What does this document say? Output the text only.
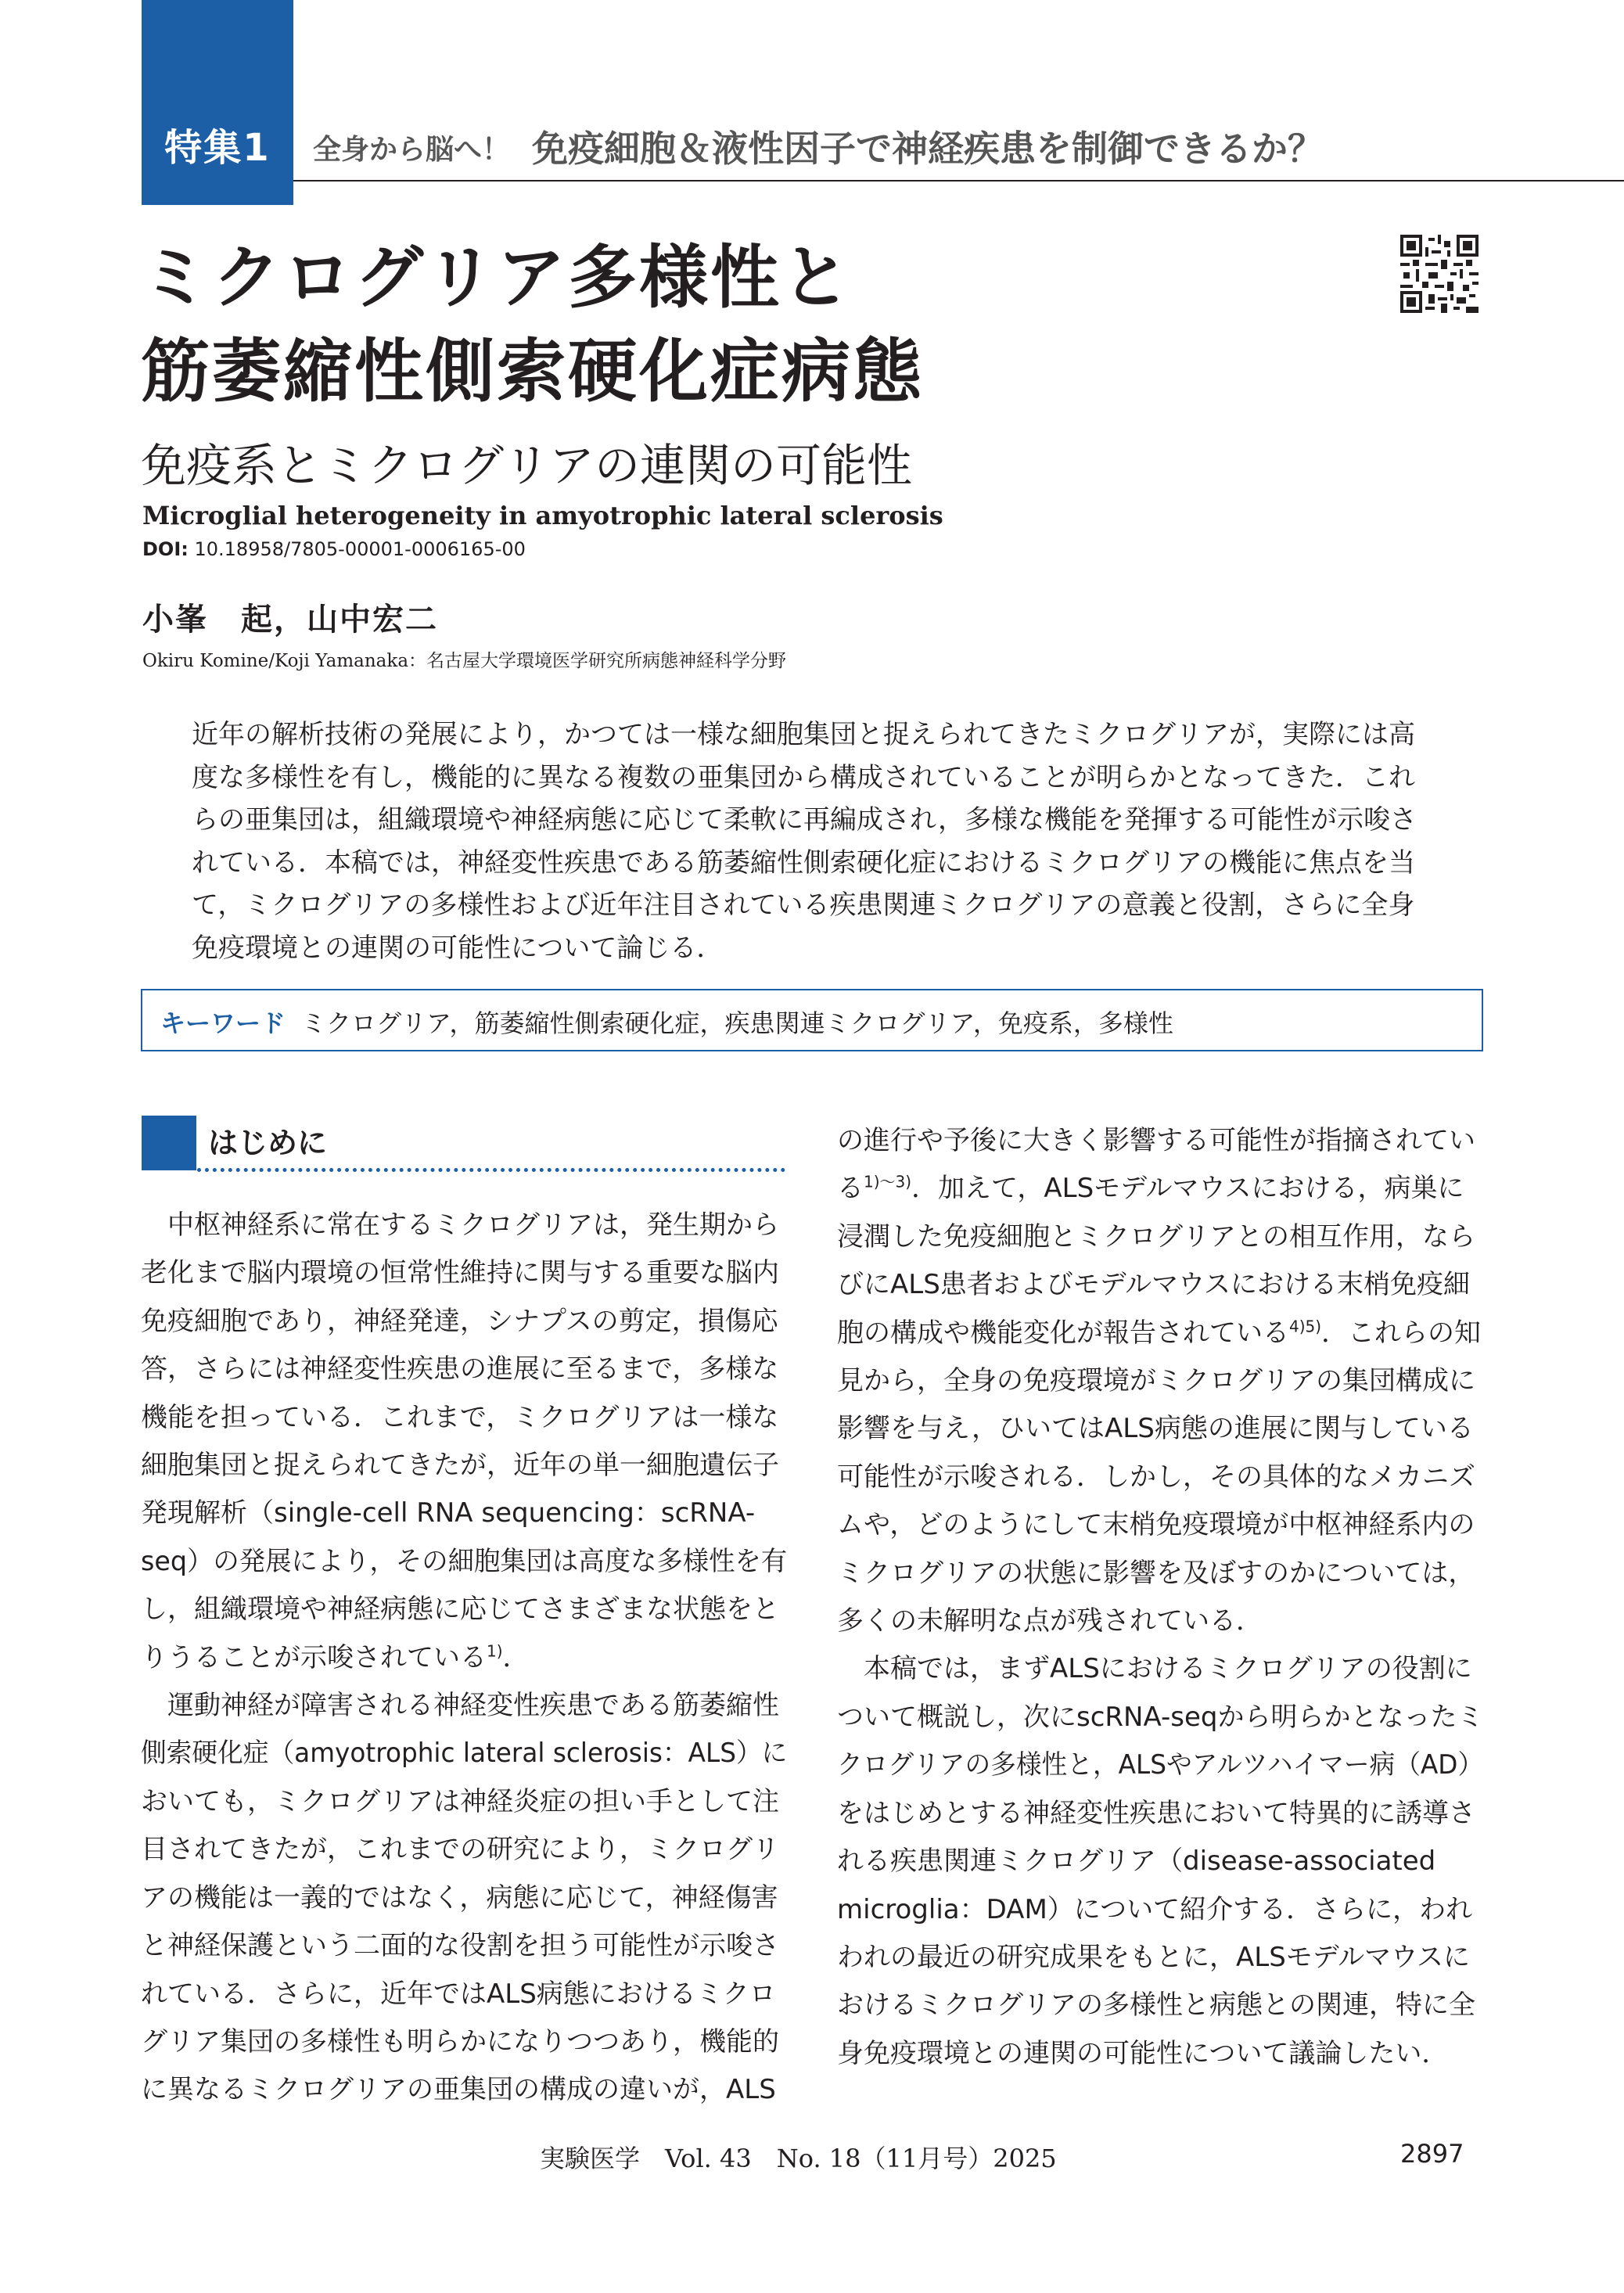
特集1	全身から脳へ！ 免疫細胞＆液性因子で神経疾患を制御できるか？
ミクログリア多様性と
筋萎縮性側索硬化症病態
免疫系とミクログリアの連関の可能性
Microglial heterogeneity in amyotrophic lateral sclerosis
DOI: 10.18958/7805-00001-0006165-00
小峯　起，山中宏二
Okiru Komine/Koji Yamanaka：名古屋大学環境医学研究所病態神経科学分野
近年の解析技術の発展により，かつては一様な細胞集団と捉えられてきたミクログリアが，実際には高
度な多様性を有し，機能的に異なる複数の亜集団から構成されていることが明らかとなってきた．これ
らの亜集団は，組織環境や神経病態に応じて柔軟に再編成され，多様な機能を発揮する可能性が示唆さ
れている．本稿では，神経変性疾患である筋萎縮性側索硬化症におけるミクログリアの機能に焦点を当
て，ミクログリアの多様性および近年注目されている疾患関連ミクログリアの意義と役割，さらに全身
免疫環境との連関の可能性について論じる．
キーワード ミクログリア，筋萎縮性側索硬化症，疾患関連ミクログリア，免疫系，多様性
はじめに
　中枢神経系に常在するミクログリアは，発生期から
老化まで脳内環境の恒常性維持に関与する重要な脳内
免疫細胞であり，神経発達，シナプスの剪定，損傷応
答，さらには神経変性疾患の進展に至るまで，多様な
機能を担っている．これまで，ミクログリアは一様な
細胞集団と捉えられてきたが，近年の単一細胞遺伝子
発現解析（single-cell RNA sequencing：scRNA-
seq）の発展により，その細胞集団は高度な多様性を有
し，組織環境や神経病態に応じてさまざまな状態をと
りうることが示唆されている$^{1)}$．
　運動神経が障害される神経変性疾患である筋萎縮性
側索硬化症（amyotrophic lateral sclerosis：ALS）に
おいても，ミクログリアは神経炎症の担い手として注
目されてきたが，これまでの研究により，ミクログリ
アの機能は一義的ではなく，病態に応じて，神経傷害
と神経保護という二面的な役割を担う可能性が示唆さ
れている．さらに，近年ではALS病態におけるミクロ
グリア集団の多様性も明らかになりつつあり，機能的
に異なるミクログリアの亜集団の構成の違いが，ALS
の進行や予後に大きく影響する可能性が指摘されてい
る$^{1)\sim 3)}$．加えて，ALSモデルマウスにおける，病巣に
浸潤した免疫細胞とミクログリアとの相互作用，なら
びにALS患者およびモデルマウスにおける末梢免疫細
胞の構成や機能変化が報告されている$^{4)5)}$．これらの知
見から，全身の免疫環境がミクログリアの集団構成に
影響を与え，ひいてはALS病態の進展に関与している
可能性が示唆される．しかし，その具体的なメカニズ
ムや，どのようにして末梢免疫環境が中枢神経系内の
ミクログリアの状態に影響を及ぼすのかについては，
多くの未解明な点が残されている．
　本稿では，まずALSにおけるミクログリアの役割に
ついて概説し，次にscRNA-seqから明らかとなったミ
クログリアの多様性と，ALSやアルツハイマー病（AD）
をはじめとする神経変性疾患において特異的に誘導さ
れる疾患関連ミクログリア（disease-associated
microglia：DAM）について紹介する．さらに，われ
われの最近の研究成果をもとに，ALSモデルマウスに
おけるミクログリアの多様性と病態との関連，特に全
身免疫環境との連関の可能性について議論したい．
実験医学　Vol. 43　No. 18（11月号）2025	2897
